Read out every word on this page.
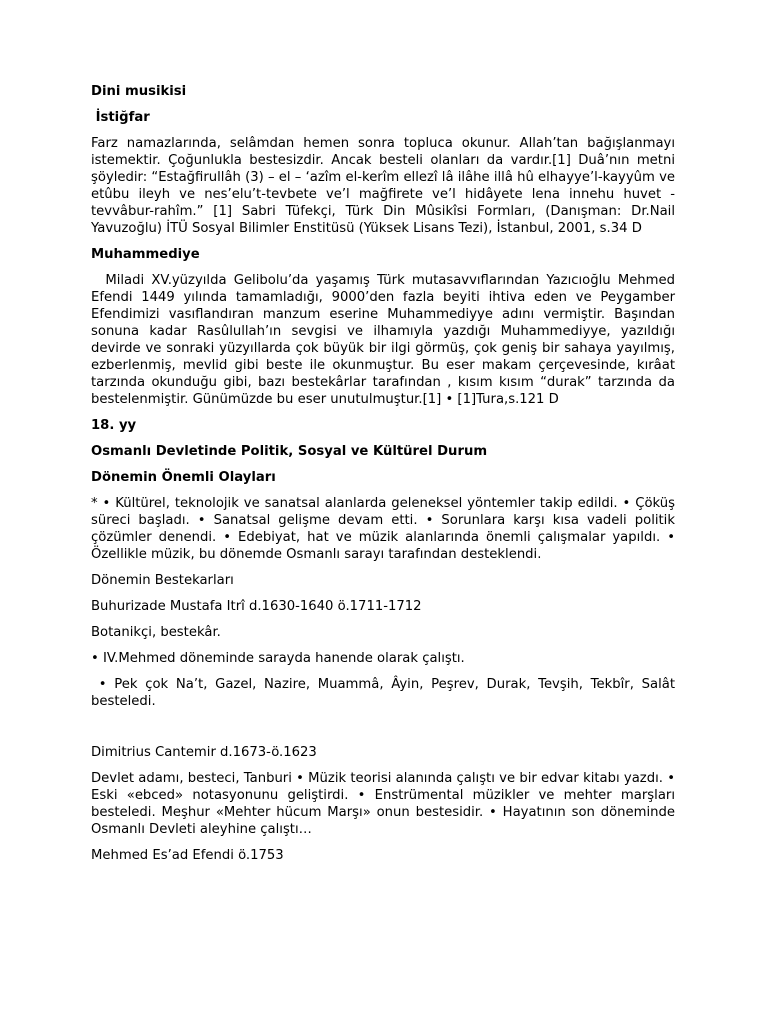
Dini musikisi
İstiğfar
Farz namazlarında, selâmdan hemen sonra topluca okunur. Allah’tan bağışlanmayı istemektir. Çoğunlukla bestesizdir. Ancak besteli olanları da vardır.[1] Duâ’nın metni şöyledir: “Estağfirullâh (3) – el – ‘azîm el-kerîm ellezî lâ ilâhe illâ hû elhayye’l-kayyûm ve etûbu ileyh ve nes’elu’t-tevbete ve’l mağfirete ve’l hidâyete lena innehu huvet -tevvâbur-rahîm.” [1] Sabri Tüfekçi, Türk Din Mûsikîsi Formları, (Danışman: Dr.Nail Yavuzoğlu) İTÜ Sosyal Bilimler Enstitüsü (Yüksek Lisans Tezi), İstanbul, 2001, s.34 D
Muhammediye
Miladi XV.yüzyılda Gelibolu’da yaşamış Türk mutasavvıflarından Yazıcıoğlu Mehmed Efendi 1449 yılında tamamladığı, 9000’den fazla beyiti ihtiva eden ve Peygamber Efendimizi vasıflandıran manzum eserine Muhammediyye adını vermiştir. Başından sonuna kadar Rasûlullah’ın sevgisi ve ilhamıyla yazdığı Muhammediyye, yazıldığı devirde ve sonraki yüzyıllarda çok büyük bir ilgi görmüş, çok geniş bir sahaya yayılmış, ezberlenmiş, mevlid gibi beste ile okunmuştur. Bu eser makam çerçevesinde, kırâat tarzında okunduğu gibi, bazı bestekârlar tarafından , kısım kısım “durak” tarzında da bestelenmiştir. Günümüzde bu eser unutulmuştur.[1] • [1]Tura,s.121 D
18. yy
Osmanlı Devletinde Politik, Sosyal ve Kültürel Durum
Dönemin Önemli Olayları
* • Kültürel, teknolojik ve sanatsal alanlarda geleneksel yöntemler takip edildi. • Çöküş süreci başladı. • Sanatsal gelişme devam etti. • Sorunlara karşı kısa vadeli politik çözümler denendi. • Edebiyat, hat ve müzik alanlarında önemli çalışmalar yapıldı. • Özellikle müzik, bu dönemde Osmanlı sarayı tarafından desteklendi.
Dönemin Bestekarları
Buhurizade Mustafa Itrî d.1630-1640 ö.1711-1712
Botanikçi, bestekâr.
• IV.Mehmed döneminde sarayda hanende olarak çalıştı.
• Pek çok Na’t, Gazel, Nazire, Muammâ, Âyin, Peşrev, Durak, Tevşih, Tekbîr, Salât besteledi.
Dimitrius Cantemir d.1673-ö.1623
Devlet adamı, besteci, Tanburi • Müzik teorisi alanında çalıştı ve bir edvar kitabı yazdı. • Eski «ebced» notasyonunu geliştirdi. • Enstrümental müzikler ve mehter marşları besteledi. Meşhur «Mehter hücum Marşı» onun bestesidir. • Hayatının son döneminde Osmanlı Devleti aleyhine çalıştı…
Mehmed Es’ad Efendi ö.1753
